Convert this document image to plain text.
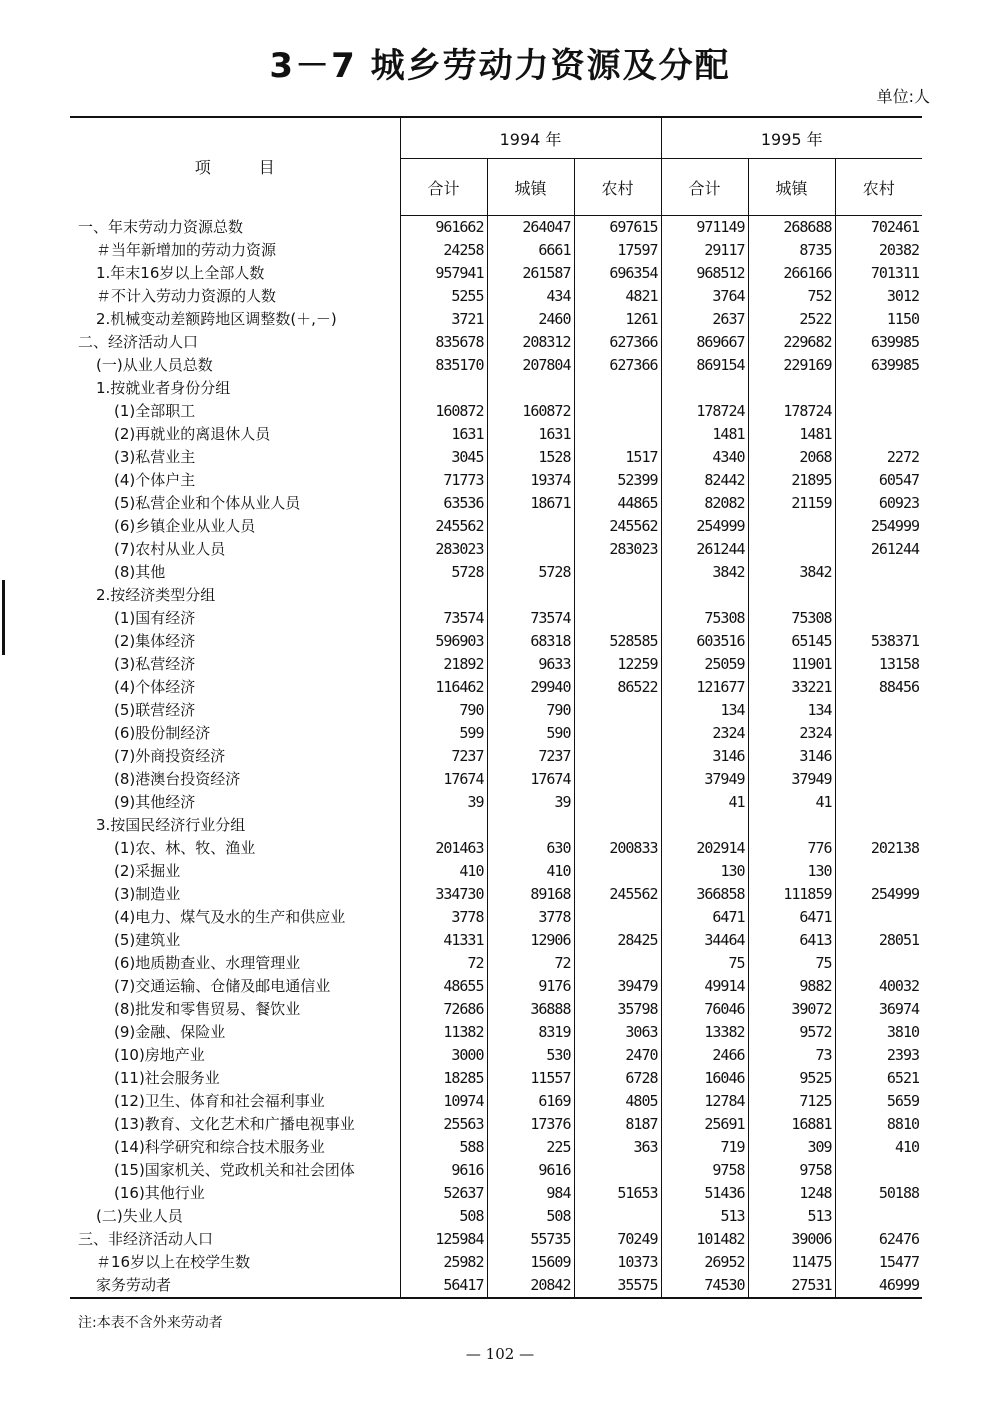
3－7 城乡劳动力资源及分配
单位:人
项　　　目	1994 年			1995 年		
	合计	城镇	农村	合计	城镇	农村
一、年末劳动力资源总数	961662	264047	697615	971149	268688	702461
＃当年新增加的劳动力资源	24258	6661	17597	29117	8735	20382
1.年末16岁以上全部人数	957941	261587	696354	968512	266166	701311
＃不计入劳动力资源的人数	5255	434	4821	3764	752	3012
2.机械变动差额跨地区调整数(＋,－)	3721	2460	1261	2637	2522	1150
二、经济活动人口	835678	208312	627366	869667	229682	639985
(一)从业人员总数	835170	207804	627366	869154	229169	639985
1.按就业者身份分组						
(1)全部职工	160872	160872		178724	178724	
(2)再就业的离退休人员	1631	1631		1481	1481	
(3)私营业主	3045	1528	1517	4340	2068	2272
(4)个体户主	71773	19374	52399	82442	21895	60547
(5)私营企业和个体从业人员	63536	18671	44865	82082	21159	60923
(6)乡镇企业从业人员	245562		245562	254999		254999
(7)农村从业人员	283023		283023	261244		261244
(8)其他	5728	5728		3842	3842	
2.按经济类型分组						
(1)国有经济	73574	73574		75308	75308	
(2)集体经济	596903	68318	528585	603516	65145	538371
(3)私营经济	21892	9633	12259	25059	11901	13158
(4)个体经济	116462	29940	86522	121677	33221	88456
(5)联营经济	790	790		134	134	
(6)股份制经济	599	590		2324	2324	
(7)外商投资经济	7237	7237		3146	3146	
(8)港澳台投资经济	17674	17674		37949	37949	
(9)其他经济	39	39		41	41	
3.按国民经济行业分组						
(1)农、林、牧、渔业	201463	630	200833	202914	776	202138
(2)采掘业	410	410		130	130	
(3)制造业	334730	89168	245562	366858	111859	254999
(4)电力、煤气及水的生产和供应业	3778	3778		6471	6471	
(5)建筑业	41331	12906	28425	34464	6413	28051
(6)地质勘查业、水理管理业	72	72		75	75	
(7)交通运输、仓储及邮电通信业	48655	9176	39479	49914	9882	40032
(8)批发和零售贸易、餐饮业	72686	36888	35798	76046	39072	36974
(9)金融、保险业	11382	8319	3063	13382	9572	3810
(10)房地产业	3000	530	2470	2466	73	2393
(11)社会服务业	18285	11557	6728	16046	9525	6521
(12)卫生、体育和社会福利事业	10974	6169	4805	12784	7125	5659
(13)教育、文化艺术和广播电视事业	25563	17376	8187	25691	16881	8810
(14)科学研究和综合技术服务业	588	225	363	719	309	410
(15)国家机关、党政机关和社会团体	9616	9616		9758	9758	
(16)其他行业	52637	984	51653	51436	1248	50188
(二)失业人员	508	508		513	513	
三、非经济活动人口	125984	55735	70249	101482	39006	62476
＃16岁以上在校学生数	25982	15609	10373	26952	11475	15477
家务劳动者	56417	20842	35575	74530	27531	46999
注:本表不含外来劳动者
— 102 —
